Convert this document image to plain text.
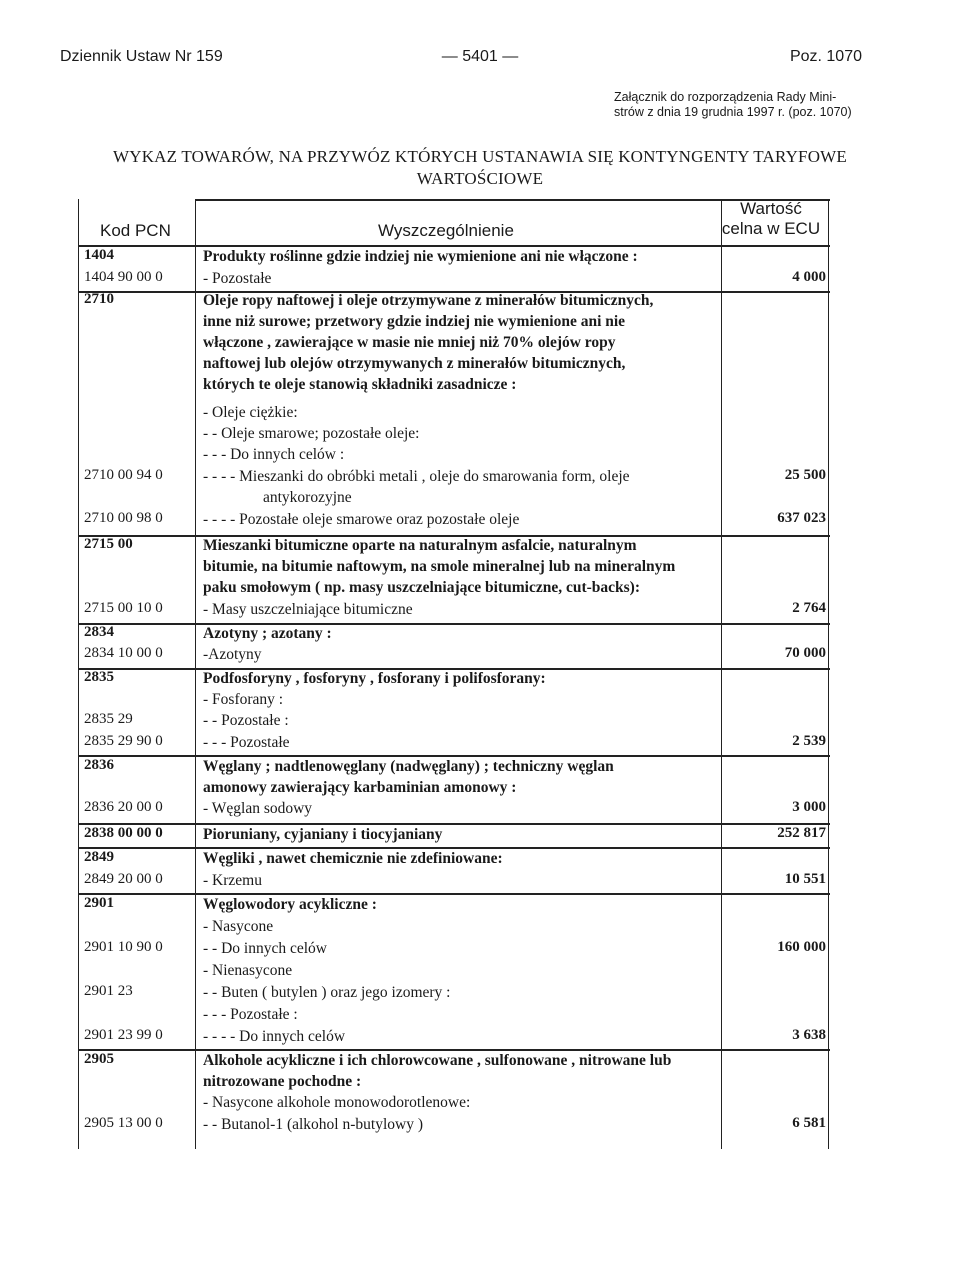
Dziennik Ustaw Nr 159	— 5401 —	Poz. 1070
Załącznik do rozporządzenia Rady Mini-
strów z dnia 19 grudnia 1997 r. (poz. 1070)
WYKAZ TOWARÓW, NA PRZYWÓZ KTÓRYCH USTANAWIA SIĘ KONTYNGENTY TARYFOWE
WARTOŚCIOWE
Kod PCN	Wyszczególnienie
Wartość
celna w ECU
1404	Produkty roślinne gdzie indziej nie wymienione ani nie włączone :
1404 90 00 0	- Pozostałe	4 000
2710	Oleje ropy naftowej i oleje otrzymywane z minerałów bitumicznych,
inne niż surowe; przetwory gdzie indziej nie wymienione ani nie
włączone , zawierające w masie nie mniej niż 70% olejów ropy
naftowej lub olejów otrzymywanych z minerałów bitumicznych,
których te oleje stanowią składniki zasadnicze :
- Oleje ciężkie:
- - Oleje smarowe; pozostałe oleje:
- - - Do innych celów :
2710 00 94 0	- - - - Mieszanki do obróbki metali , oleje do smarowania form, oleje	25 500
antykorozyjne
2710 00 98 0	- - - - Pozostałe oleje smarowe oraz pozostałe oleje	637 023
2715 00	Mieszanki bitumiczne oparte na naturalnym asfalcie, naturalnym
bitumie, na bitumie naftowym, na smole mineralnej lub na mineralnym
paku smołowym ( np. masy uszczelniające bitumiczne, cut-backs):
2715 00 10 0	- Masy uszczelniające bitumiczne	2 764
2834	Azotyny ; azotany :
2834 10 00 0	-Azotyny	70 000
2835	Podfosforyny , fosforyny , fosforany i polifosforany:
- Fosforany :
2835 29	- - Pozostałe :
2835 29 90 0	- - - Pozostałe	2 539
2836	Węglany ; nadtlenowęglany (nadwęglany) ; techniczny węglan
amonowy zawierający karbaminian amonowy :
2836 20 00 0	- Węglan sodowy	3 000
2838 00 00 0	Pioruniany, cyjaniany i tiocyjaniany	252 817
2849	Węgliki , nawet chemicznie nie zdefiniowane:
2849 20 00 0	- Krzemu	10 551
2901	Węglowodory acykliczne :
- Nasycone
2901 10 90 0	- - Do innych celów	160 000
- Nienasycone
2901 23	- - Buten ( butylen ) oraz jego izomery :
- - - Pozostałe :
2901 23 99 0	- - - - Do innych celów	3 638
2905	Alkohole acykliczne i ich chlorowcowane , sulfonowane , nitrowane lub
nitrozowane pochodne :
- Nasycone alkohole monowodorotlenowe:
2905 13 00 0	- - Butanol-1 (alkohol n-butylowy )	6 581
